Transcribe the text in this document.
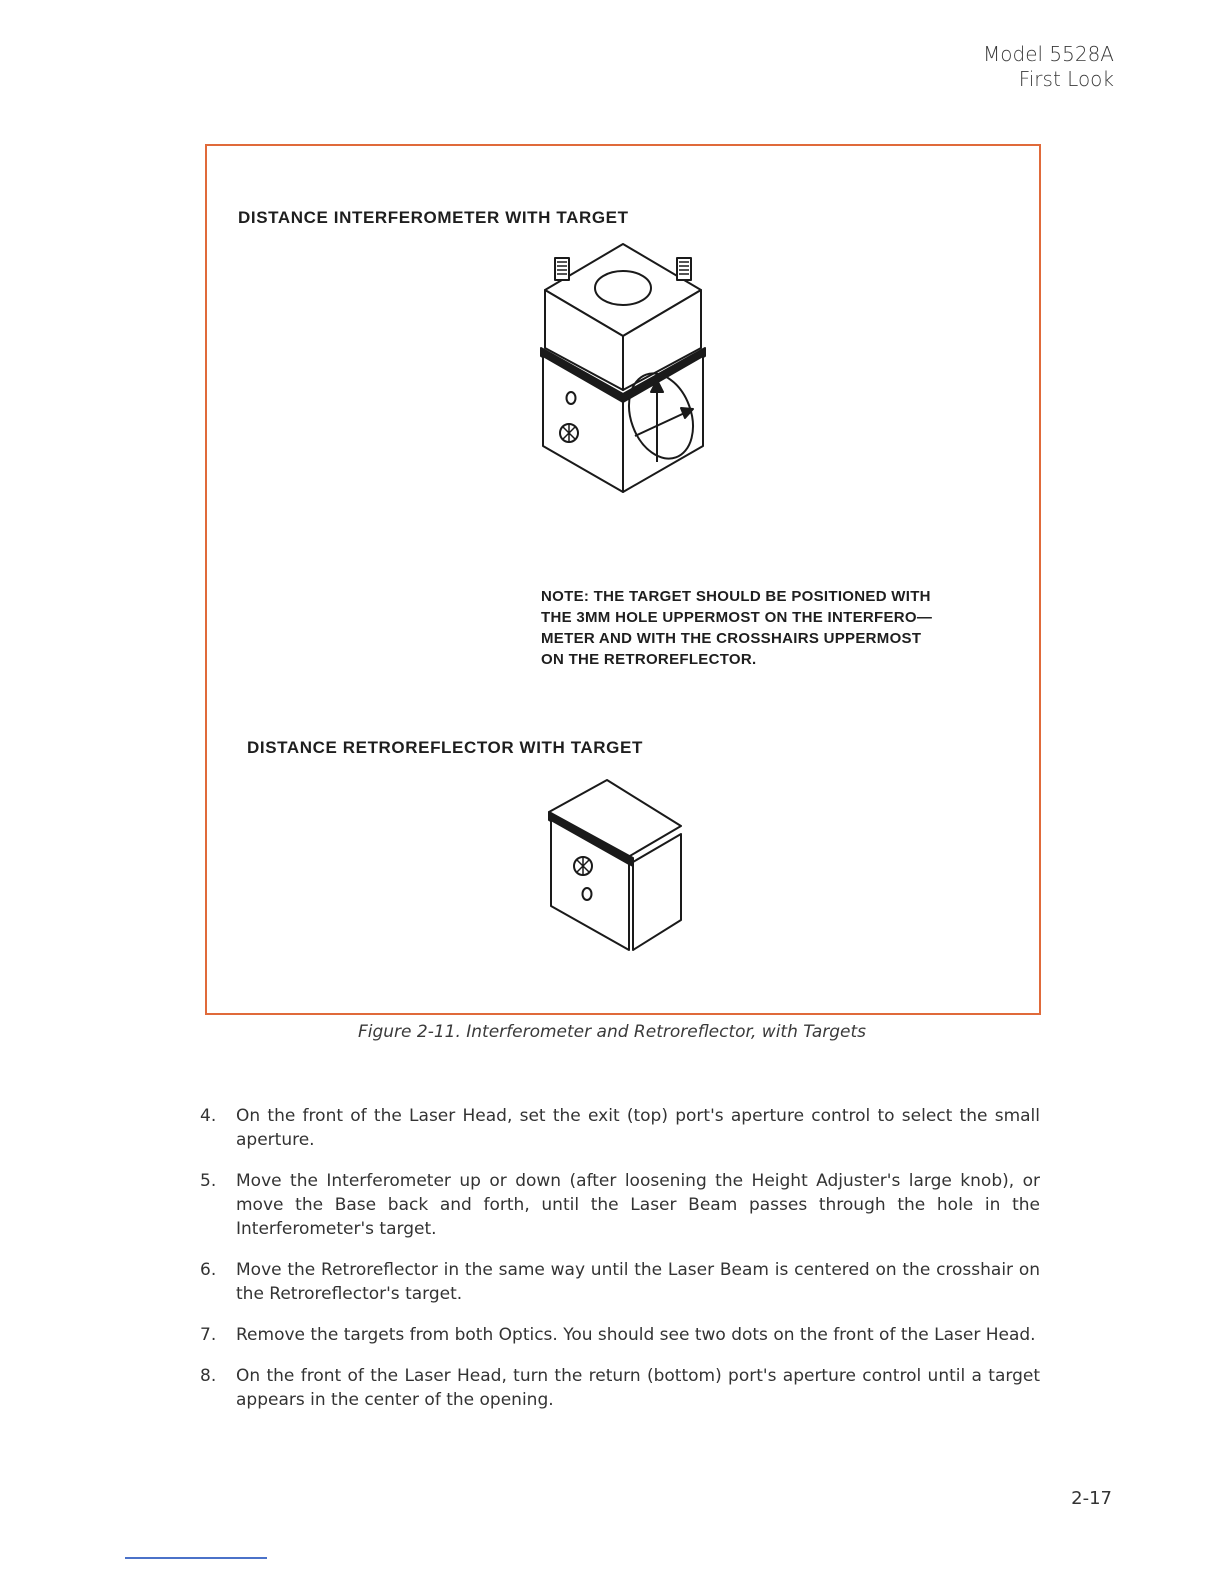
Model 5528A
First Look
DISTANCE INTERFEROMETER WITH TARGET

NOTE: THE TARGET SHOULD BE POSITIONED WITH

THE 3MM HOLE UPPERMOST ON THE INTERFERO—

METER AND WITH THE CROSSHAIRS UPPERMOST

ON THE RETROREFLECTOR.

DISTANCE RETROREFLECTOR WITH TARGET
Figure 2-11. Interferometer and Retroreflector, with Targets
4. On the front of the Laser Head, set the exit (top) port's aperture control to select the small aperture.
5. Move the Interferometer up or down (after loosening the Height Adjuster's large knob), or move the Base back and forth, until the Laser Beam passes through the hole in the Interferometer's target.
6. Move the Retroreflector in the same way until the Laser Beam is centered on the crosshair on the Retroreflector's target.
7. Remove the targets from both Optics. You should see two dots on the front of the Laser Head.
8. On the front of the Laser Head, turn the return (bottom) port's aperture control until a target appears in the center of the opening.
2-17
